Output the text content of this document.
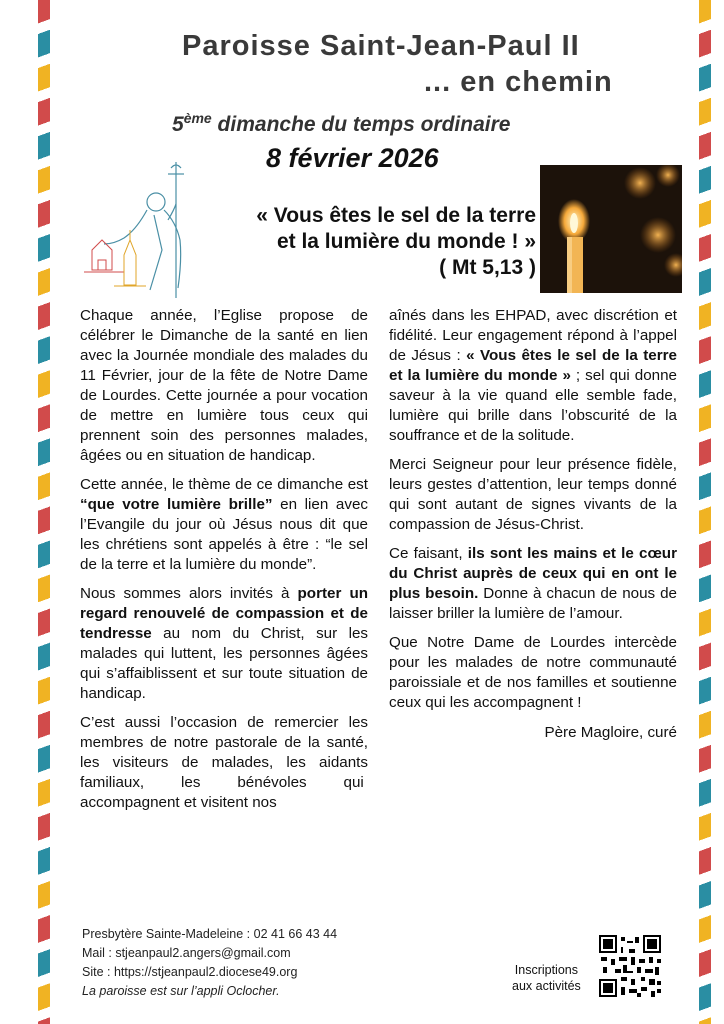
Paroisse Saint-Jean-Paul II
... en chemin
5ème dimanche du temps ordinaire
8 février 2026
« Vous êtes le sel de la terre
et la lumière du monde ! »
( Mt 5,13 )

Chaque année, l’Eglise propose de célébrer le Dimanche de la santé en lien avec la Journée mondiale des malades du 11 Février, jour de la fête de Notre Dame de Lourdes. Cette journée a pour vocation de mettre en lumière tous ceux qui prennent soin des personnes malades, âgées ou en situation de handicap.

Cette année, le thème de ce dimanche est “que votre lumière brille” en lien avec l’Evangile du jour où Jésus nous dit que les chrétiens sont appelés à être : “le sel de la terre et la lumière du monde”.

Nous sommes alors invités à porter un regard renouvelé de compassion et de tendresse au nom du Christ, sur les malades qui luttent, les personnes âgées qui s’affaiblissent et sur toute situation de handicap.

C’est aussi l’occasion de remercier les membres de notre pastorale de la santé, les visiteurs de malades, les aidants familiaux, les bénévoles qui  accompagnent et visitent nos

aînés dans les EHPAD, avec discrétion et fidélité. Leur engagement répond à l’appel de Jésus : « Vous êtes le sel de la terre et la lumière du monde » ; sel qui donne saveur à la vie quand elle semble fade, lumière qui brille dans l’obscurité de la souffrance et de la solitude.

Merci Seigneur pour leur présence fidèle, leurs gestes d’attention, leur temps donné qui sont autant de signes vivants de la compassion de Jésus-Christ.

Ce faisant, ils sont les mains et le cœur du Christ auprès de ceux qui en ont le plus besoin. Donne à chacun de nous de laisser briller la lumière de l’amour.

Que Notre Dame de Lourdes intercède pour les malades de notre communauté paroissiale et de nos familles et soutienne ceux qui les accompagnent !

Père Magloire, curé
Presbytère Sainte-Madeleine : 02 41 66 43 44
Mail : stjeanpaul2.angers@gmail.com
Site : https://stjeanpaul2.diocese49.org
La paroisse est sur l’appli Oclocher.
Inscriptions
aux activités
